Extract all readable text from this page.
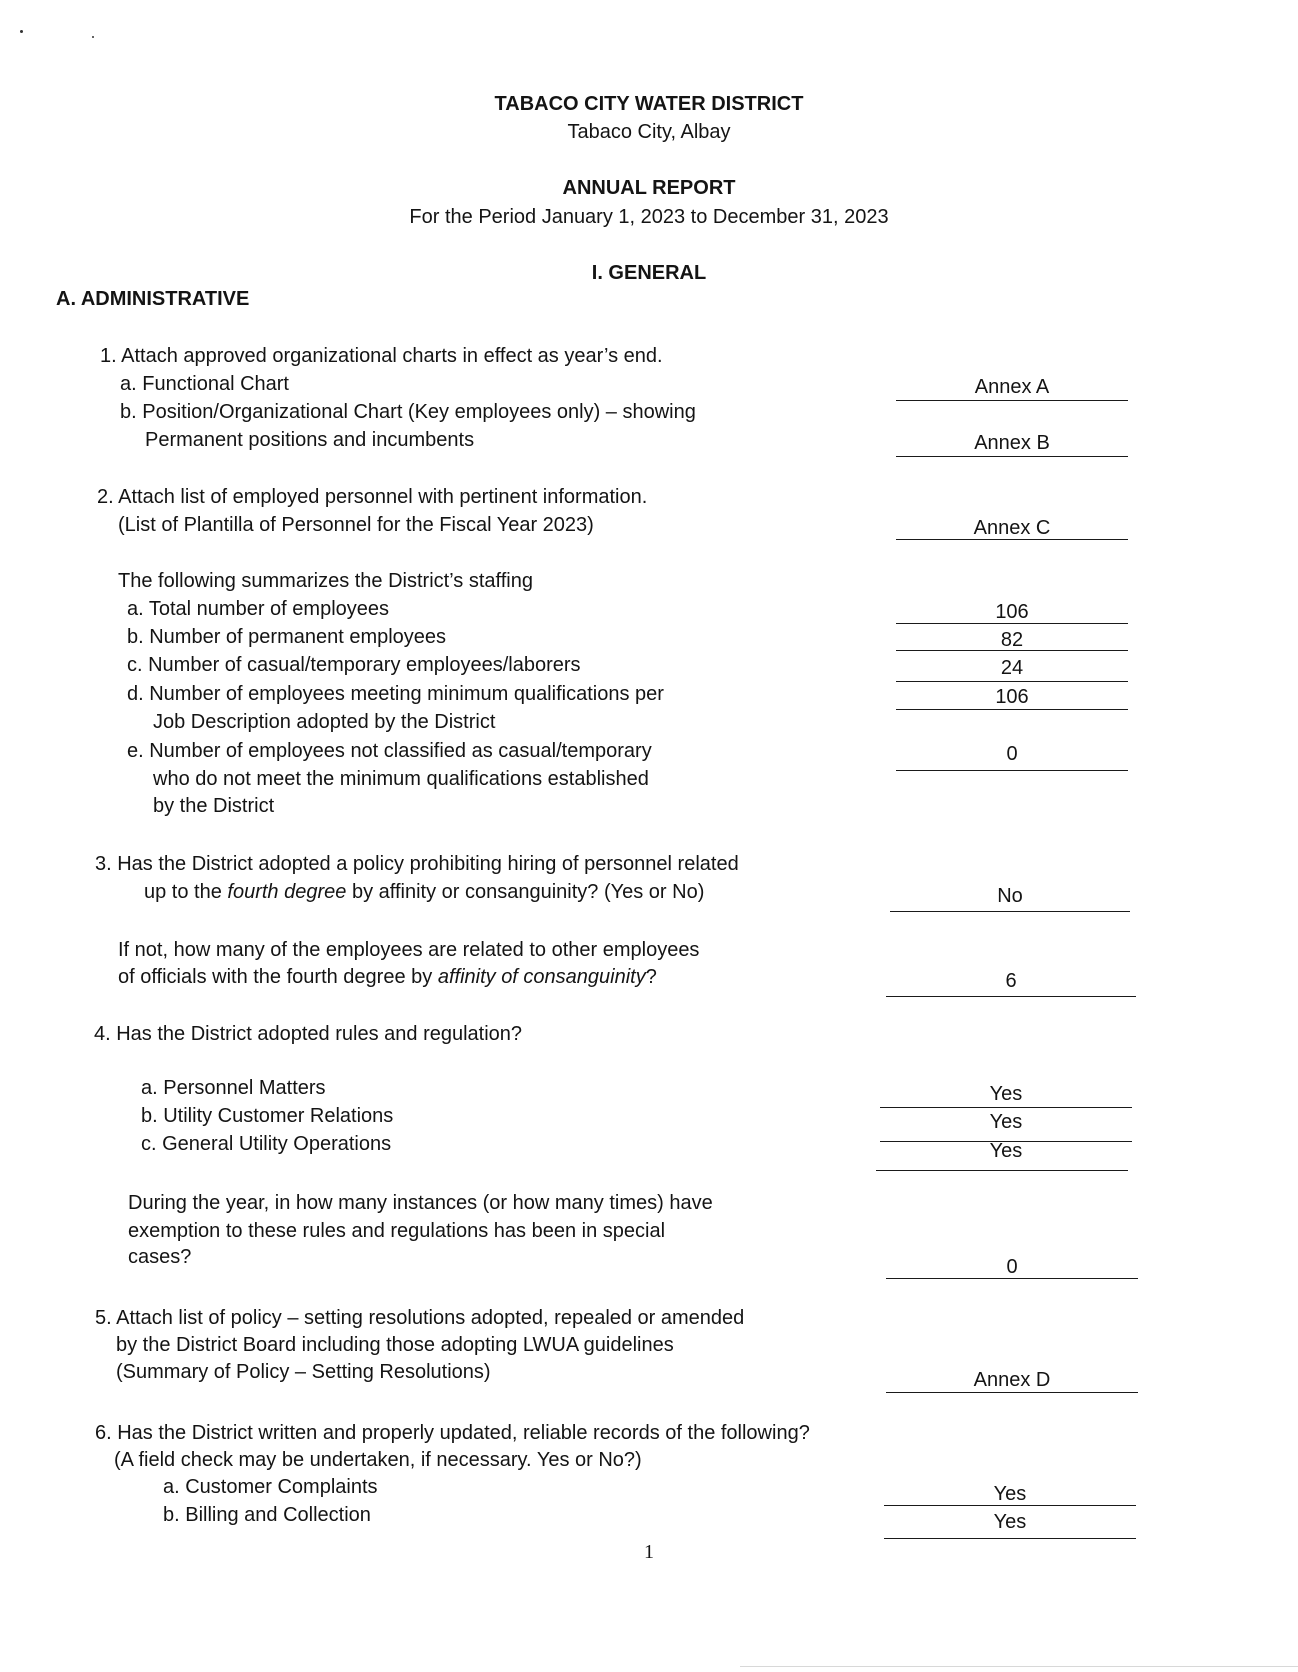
TABACO CITY WATER DISTRICT
Tabaco City, Albay
ANNUAL REPORT
For the Period January 1, 2023 to December 31, 2023
I. GENERAL
A. ADMINISTRATIVE
1. Attach approved organizational charts in effect as year’s end.
a. Functional Chart	Annex A
b. Position/Organizational Chart (Key employees only) – showing
Permanent positions and incumbents	Annex B
2. Attach list of employed personnel with pertinent information.
(List of Plantilla of Personnel for the Fiscal Year 2023)	Annex C
The following summarizes the District’s staffing
a. Total number of employees	106
b. Number of permanent employees	82
c. Number of casual/temporary employees/laborers	24
d. Number of employees meeting minimum qualifications per	106
Job Description adopted by the District
e. Number of employees not classified as casual/temporary	0
who do not meet the minimum qualifications established
by the District
3. Has the District adopted a policy prohibiting hiring of personnel related
up to the fourth degree by affinity or consanguinity? (Yes or No)	No
If not, how many of the employees are related to other employees
of officials with the fourth degree by affinity of consanguinity?	6
4. Has the District adopted rules and regulation?
a. Personnel Matters	Yes
b. Utility Customer Relations	Yes
c. General Utility Operations	Yes
During the year, in how many instances (or how many times) have
exemption to these rules and regulations has been in special
cases?	0
5. Attach list of policy – setting resolutions adopted, repealed or amended
by the District Board including those adopting LWUA guidelines
(Summary of Policy – Setting Resolutions)	Annex D
6. Has the District written and properly updated, reliable records of the following?
(A field check may be undertaken, if necessary. Yes or No?)
a. Customer Complaints	Yes
b. Billing and Collection	Yes
1
